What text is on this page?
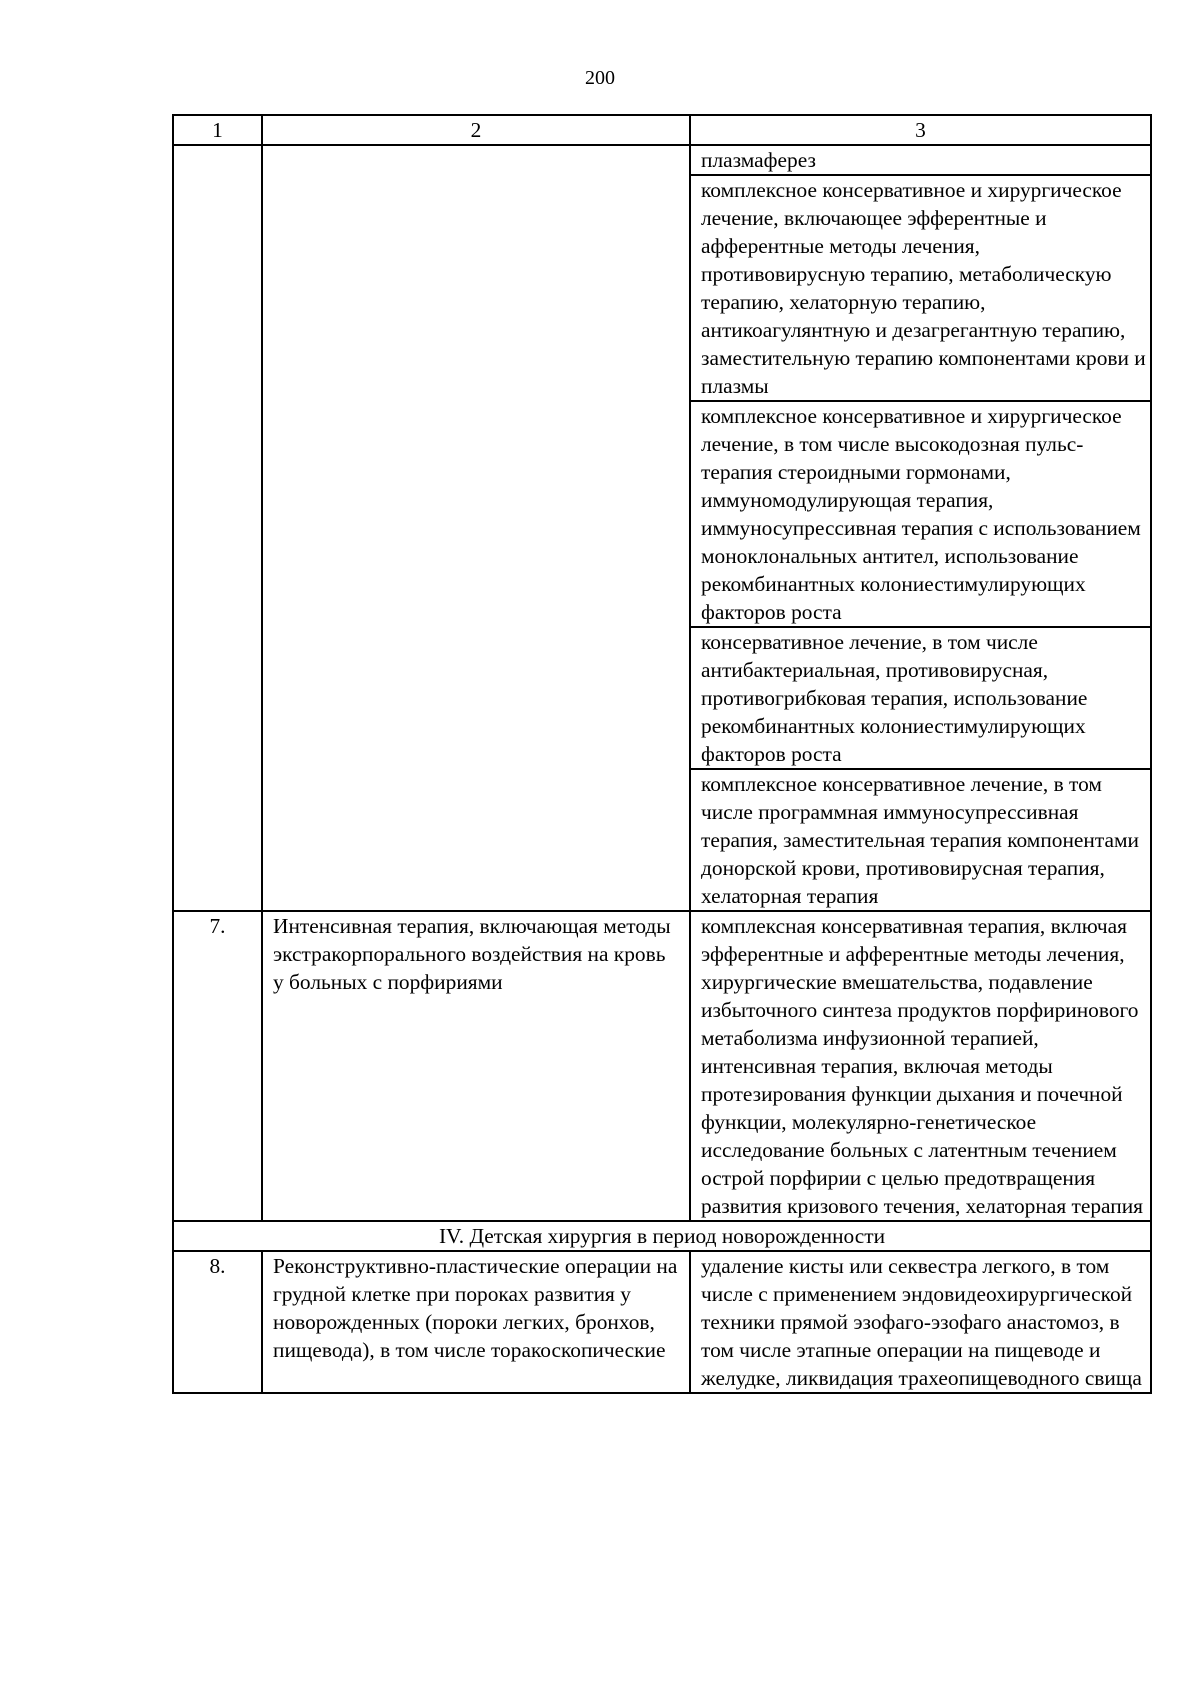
200
1	2	3
		плазмаферез
		комплексное консервативное и хирургическое лечение, включающее эфферентные и афферентные методы лечения, противовирусную терапию, метаболическую терапию, хелаторную терапию, антикоагулянтную и дезагрегантную терапию, заместительную терапию компонентами крови и плазмы
		комплексное консервативное и хирургическое лечение, в том числе высокодозная пульс-терапия стероидными гормонами, иммуномодулирующая терапия, иммуносупрессивная терапия с использованием моноклональных антител, использование рекомбинантных колониестимулирующих факторов роста
		консервативное лечение, в том числе антибактериальная, противовирусная, противогрибковая терапия, использование рекомбинантных колониестимулирующих факторов роста
		комплексное консервативное лечение, в том числе программная иммуносупрессивная терапия, заместительная терапия компонентами донорской крови, противовирусная терапия, хелаторная терапия
7.	Интенсивная терапия, включающая методы экстракорпорального воздействия на кровь у больных с порфириями	комплексная консервативная терапия, включая эфферентные и афферентные методы лечения, хирургические вмешательства, подавление избыточного синтеза продуктов порфиринового метаболизма инфузионной терапией, интенсивная терапия, включая методы протезирования функции дыхания и почечной функции, молекулярно-генетическое исследование больных с латентным течением острой порфирии с целью предотвращения развития кризового течения, хелаторная терапия
IV. Детская хирургия в период новорожденности		
8.	Реконструктивно-пластические операции на грудной клетке при пороках развития у новорожденных (пороки легких, бронхов, пищевода), в том числе торакоскопические	удаление кисты или секвестра легкого, в том числе с применением эндовидеохирургической техники прямой эзофаго-эзофаго анастомоз, в том числе этапные операции на пищеводе и желудке, ликвидация трахеопищеводного свища
